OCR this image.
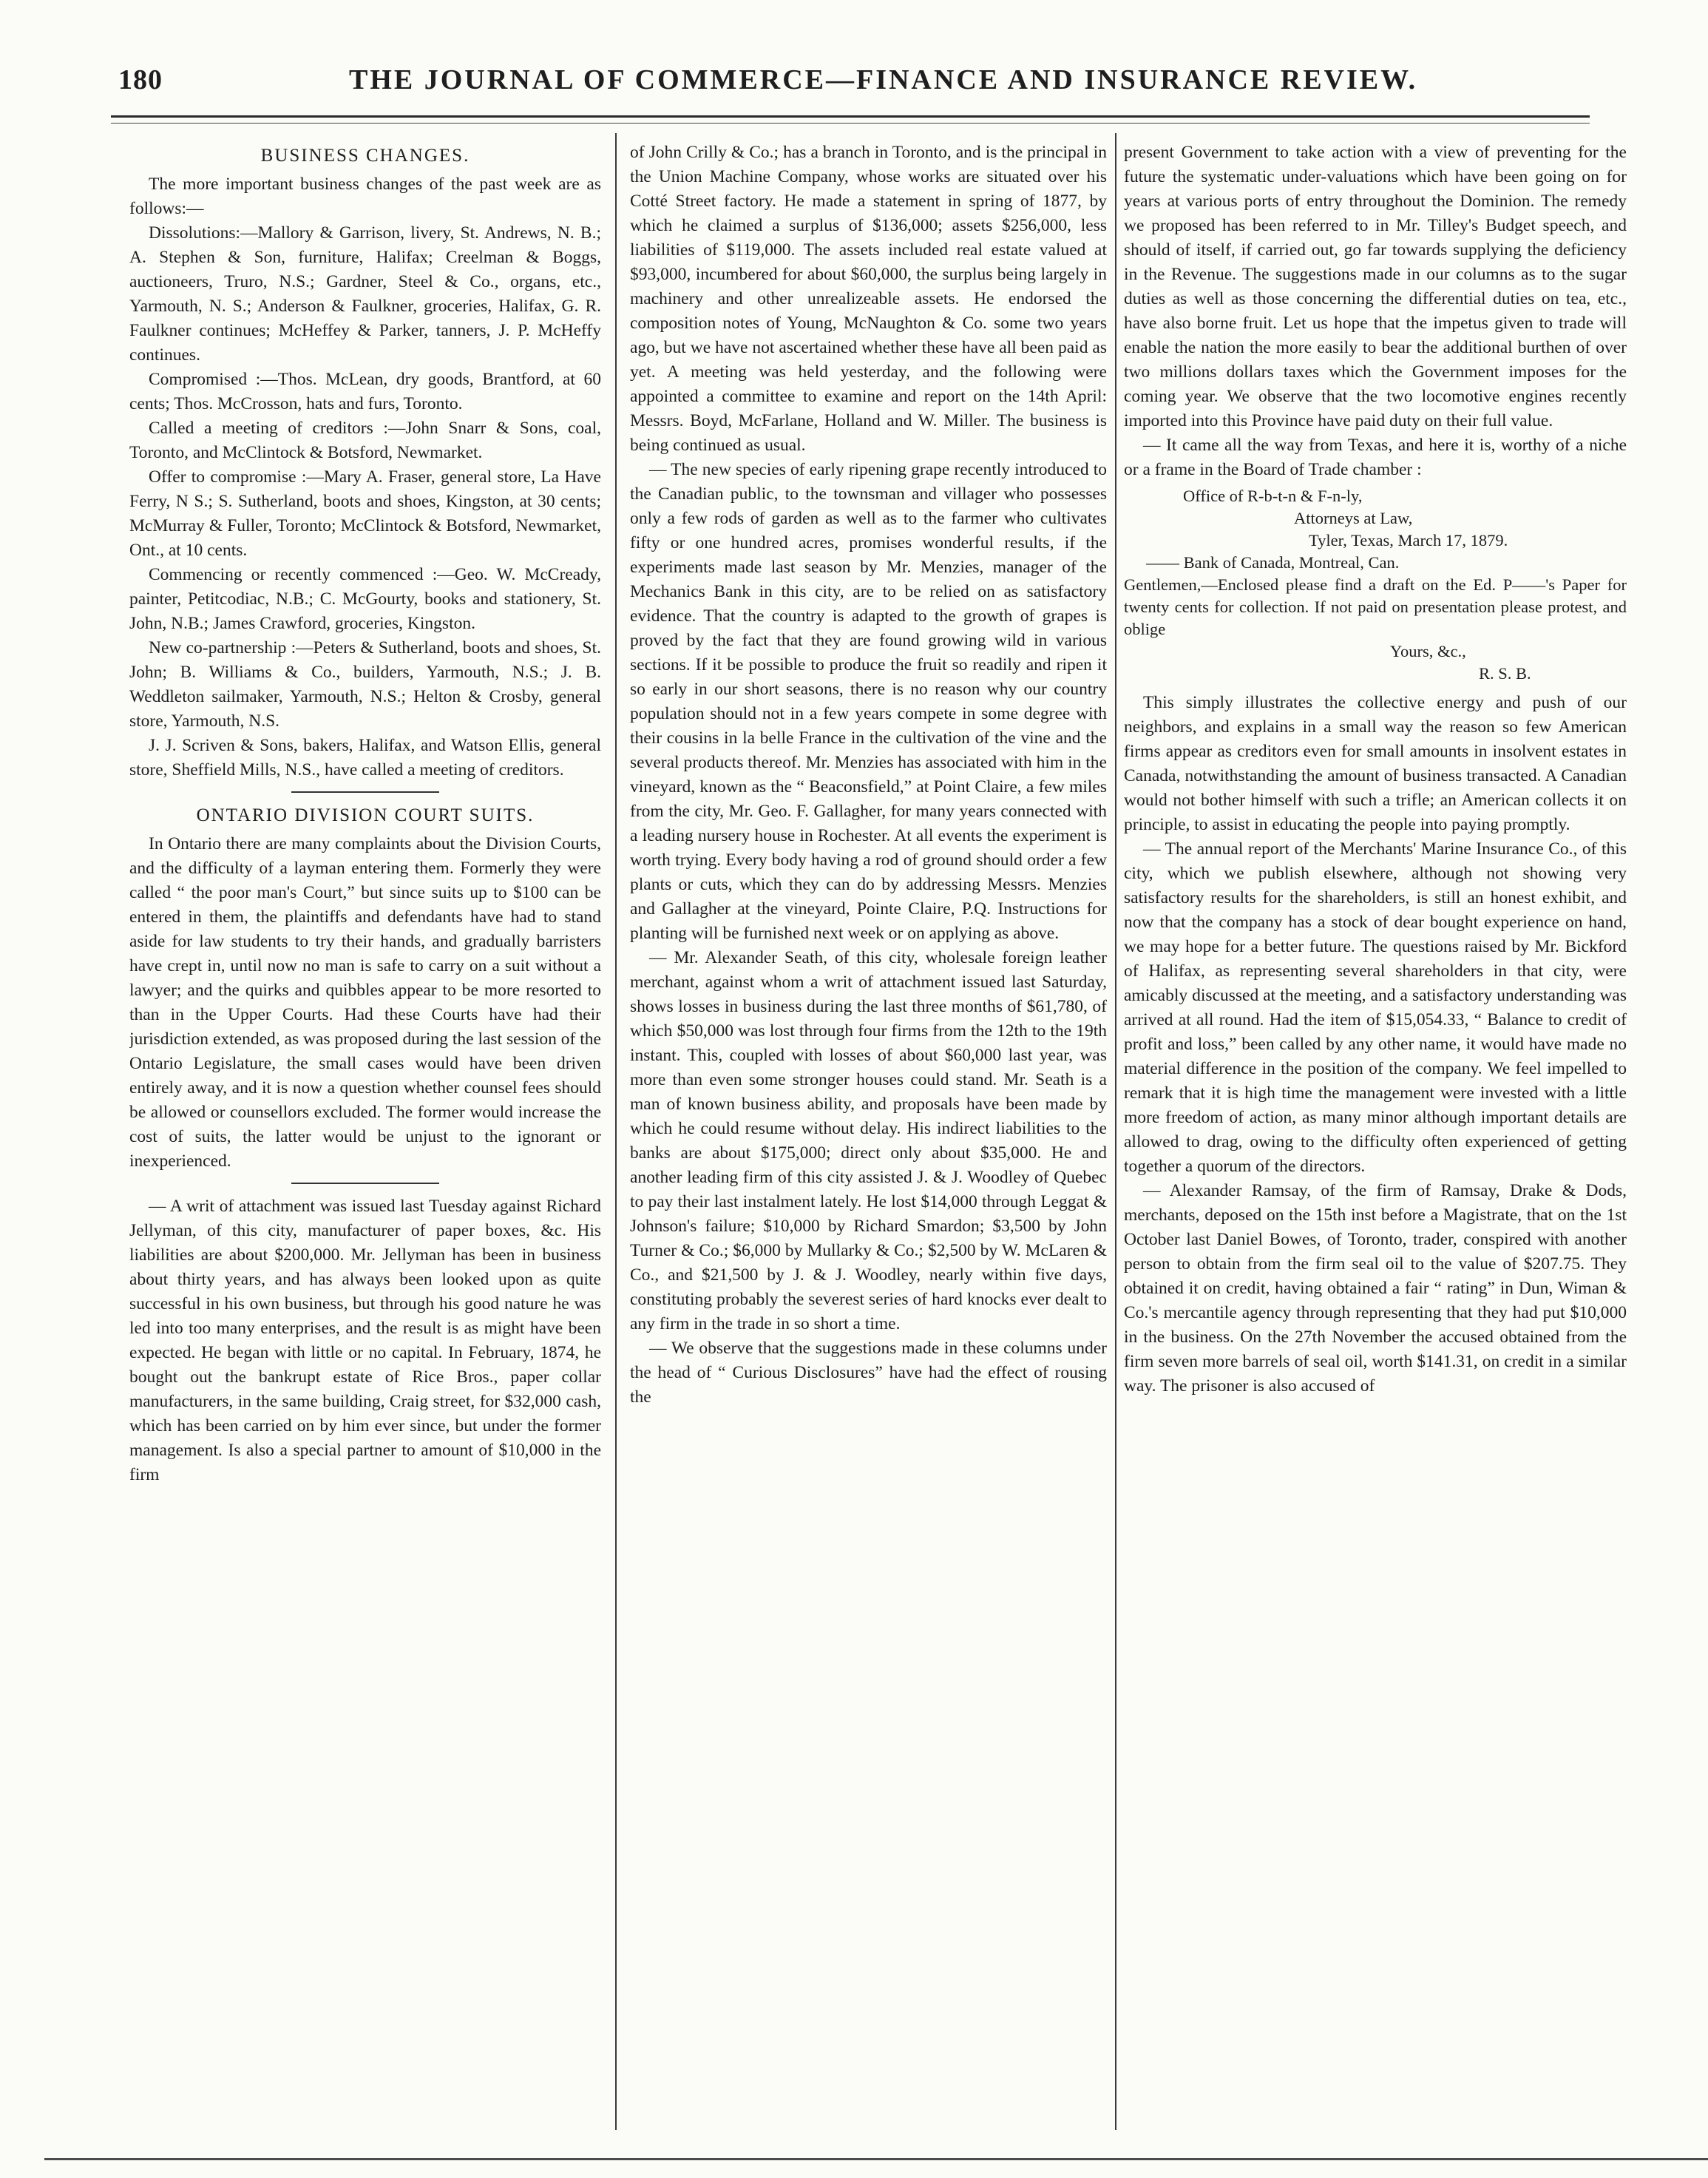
180	THE JOURNAL OF COMMERCE—FINANCE AND INSURANCE REVIEW.
BUSINESS CHANGES.

The more important business changes of the past week are as follows:—

Dissolutions:—Mallory & Garrison, livery, St. Andrews, N. B.; A. Stephen & Son, furniture, Halifax; Creelman & Boggs, auctioneers, Truro, N.S.; Gardner, Steel & Co., organs, etc., Yarmouth, N. S.; Anderson & Faulkner, groceries, Halifax, G. R. Faulkner continues; McHeffey & Parker, tanners, J. P. McHeffy continues.

Compromised :—Thos. McLean, dry goods, Brantford, at 60 cents; Thos. McCrosson, hats and furs, Toronto.

Called a meeting of creditors :—John Snarr & Sons, coal, Toronto, and McClintock & Botsford, Newmarket.

Offer to compromise :—Mary A. Fraser, general store, La Have Ferry, N S.; S. Sutherland, boots and shoes, Kingston, at 30 cents; McMurray & Fuller, Toronto; McClintock & Botsford, Newmarket, Ont., at 10 cents.

Commencing or recently commenced :—Geo. W. McCready, painter, Petitcodiac, N.B.; C. McGourty, books and stationery, St. John, N.B.; James Crawford, groceries, Kingston.

New co-partnership :—Peters & Sutherland, boots and shoes, St. John; B. Williams & Co., builders, Yarmouth, N.S.; J. B. Weddleton sailmaker, Yarmouth, N.S.; Helton & Crosby, general store, Yarmouth, N.S.

J. J. Scriven & Sons, bakers, Halifax, and Watson Ellis, general store, Sheffield Mills, N.S., have called a meeting of creditors.

ONTARIO DIVISION COURT SUITS.

In Ontario there are many complaints about the Division Courts, and the difficulty of a layman entering them. Formerly they were called “ the poor man's Court,” but since suits up to $100 can be entered in them, the plaintiffs and defendants have had to stand aside for law students to try their hands, and gradually barristers have crept in, until now no man is safe to carry on a suit without a lawyer; and the quirks and quibbles appear to be more resorted to than in the Upper Courts. Had these Courts have had their jurisdiction extended, as was proposed during the last session of the Ontario Legislature, the small cases would have been driven entirely away, and it is now a question whether counsel fees should be allowed or counsellors excluded. The former would increase the cost of suits, the latter would be unjust to the ignorant or inexperienced.

— A writ of attachment was issued last Tuesday against Richard Jellyman, of this city, manufacturer of paper boxes, &c. His liabilities are about $200,000. Mr. Jellyman has been in business about thirty years, and has always been looked upon as quite successful in his own business, but through his good nature he was led into too many enterprises, and the result is as might have been expected. He began with little or no capital. In February, 1874, he bought out the bankrupt estate of Rice Bros., paper collar manufacturers, in the same building, Craig street, for $32,000 cash, which has been carried on by him ever since, but under the former management. Is also a special partner to amount of $10,000 in the firm

of John Crilly & Co.; has a branch in Toronto, and is the principal in the Union Machine Company, whose works are situated over his Cotté Street factory. He made a statement in spring of 1877, by which he claimed a surplus of $136,000; assets $256,000, less liabilities of $119,000. The assets included real estate valued at $93,000, incumbered for about $60,000, the surplus being largely in machinery and other unrealizeable assets. He endorsed the composition notes of Young, McNaughton & Co. some two years ago, but we have not ascertained whether these have all been paid as yet. A meeting was held yesterday, and the following were appointed a committee to examine and report on the 14th April: Messrs. Boyd, McFarlane, Holland and W. Miller. The business is being continued as usual.

— The new species of early ripening grape recently introduced to the Canadian public, to the townsman and villager who possesses only a few rods of garden as well as to the farmer who cultivates fifty or one hundred acres, promises wonderful results, if the experiments made last season by Mr. Menzies, manager of the Mechanics Bank in this city, are to be relied on as satisfactory evidence. That the country is adapted to the growth of grapes is proved by the fact that they are found growing wild in various sections. If it be possible to produce the fruit so readily and ripen it so early in our short seasons, there is no reason why our country population should not in a few years compete in some degree with their cousins in la belle France in the cultivation of the vine and the several products thereof. Mr. Menzies has associated with him in the vineyard, known as the “ Beaconsfield,” at Point Claire, a few miles from the city, Mr. Geo. F. Gallagher, for many years connected with a leading nursery house in Rochester. At all events the experiment is worth trying. Every body having a rod of ground should order a few plants or cuts, which they can do by addressing Messrs. Menzies and Gallagher at the vineyard, Pointe Claire, P.Q. Instructions for planting will be furnished next week or on applying as above.

— Mr. Alexander Seath, of this city, wholesale foreign leather merchant, against whom a writ of attachment issued last Saturday, shows losses in business during the last three months of $61,780, of which $50,000 was lost through four firms from the 12th to the 19th instant. This, coupled with losses of about $60,000 last year, was more than even some stronger houses could stand. Mr. Seath is a man of known business ability, and proposals have been made by which he could resume without delay. His indirect liabilities to the banks are about $175,000; direct only about $35,000. He and another leading firm of this city assisted J. & J. Woodley of Quebec to pay their last instalment lately. He lost $14,000 through Leggat & Johnson's failure; $10,000 by Richard Smardon; $3,500 by John Turner & Co.; $6,000 by Mullarky & Co.; $2,500 by W. McLaren & Co., and $21,500 by J. & J. Woodley, nearly within five days, constituting probably the severest series of hard knocks ever dealt to any firm in the trade in so short a time.

— We observe that the suggestions made in these columns under the head of “ Curious Disclosures” have had the effect of rousing the

present Government to take action with a view of preventing for the future the systematic under-valuations which have been going on for years at various ports of entry throughout the Dominion. The remedy we proposed has been referred to in Mr. Tilley's Budget speech, and should of itself, if carried out, go far towards supplying the deficiency in the Revenue. The suggestions made in our columns as to the sugar duties as well as those concerning the differential duties on tea, etc., have also borne fruit. Let us hope that the impetus given to trade will enable the nation the more easily to bear the additional burthen of over two millions dollars taxes which the Government imposes for the coming year. We observe that the two locomotive engines recently imported into this Province have paid duty on their full value.

— It came all the way from Texas, and here it is, worthy of a niche or a frame in the Board of Trade chamber :

Office of R-b-t-n & F-n-ly,
Attorneys at Law,
Tyler, Texas, March 17, 1879.
—— Bank of Canada, Montreal, Can.
Gentlemen,—Enclosed please find a draft on the Ed. P——'s Paper for twenty cents for collection. If not paid on presentation please protest, and oblige
Yours, &c.,
R. S. B.

This simply illustrates the collective energy and push of our neighbors, and explains in a small way the reason so few American firms appear as creditors even for small amounts in insolvent estates in Canada, notwithstanding the amount of business transacted. A Canadian would not bother himself with such a trifle; an American collects it on principle, to assist in educating the people into paying promptly.

— The annual report of the Merchants' Marine Insurance Co., of this city, which we publish elsewhere, although not showing very satisfactory results for the shareholders, is still an honest exhibit, and now that the company has a stock of dear bought experience on hand, we may hope for a better future. The questions raised by Mr. Bickford of Halifax, as representing several shareholders in that city, were amicably discussed at the meeting, and a satisfactory understanding was arrived at all round. Had the item of $15,054.33, “ Balance to credit of profit and loss,” been called by any other name, it would have made no material difference in the position of the company. We feel impelled to remark that it is high time the management were invested with a little more freedom of action, as many minor although important details are allowed to drag, owing to the difficulty often experienced of getting together a quorum of the directors.

— Alexander Ramsay, of the firm of Ramsay, Drake & Dods, merchants, deposed on the 15th inst before a Magistrate, that on the 1st October last Daniel Bowes, of Toronto, trader, conspired with another person to obtain from the firm seal oil to the value of $207.75. They obtained it on credit, having obtained a fair “ rating” in Dun, Wiman & Co.'s mercantile agency through representing that they had put $10,000 in the business. On the 27th November the accused obtained from the firm seven more barrels of seal oil, worth $141.31, on credit in a similar way. The prisoner is also accused of
